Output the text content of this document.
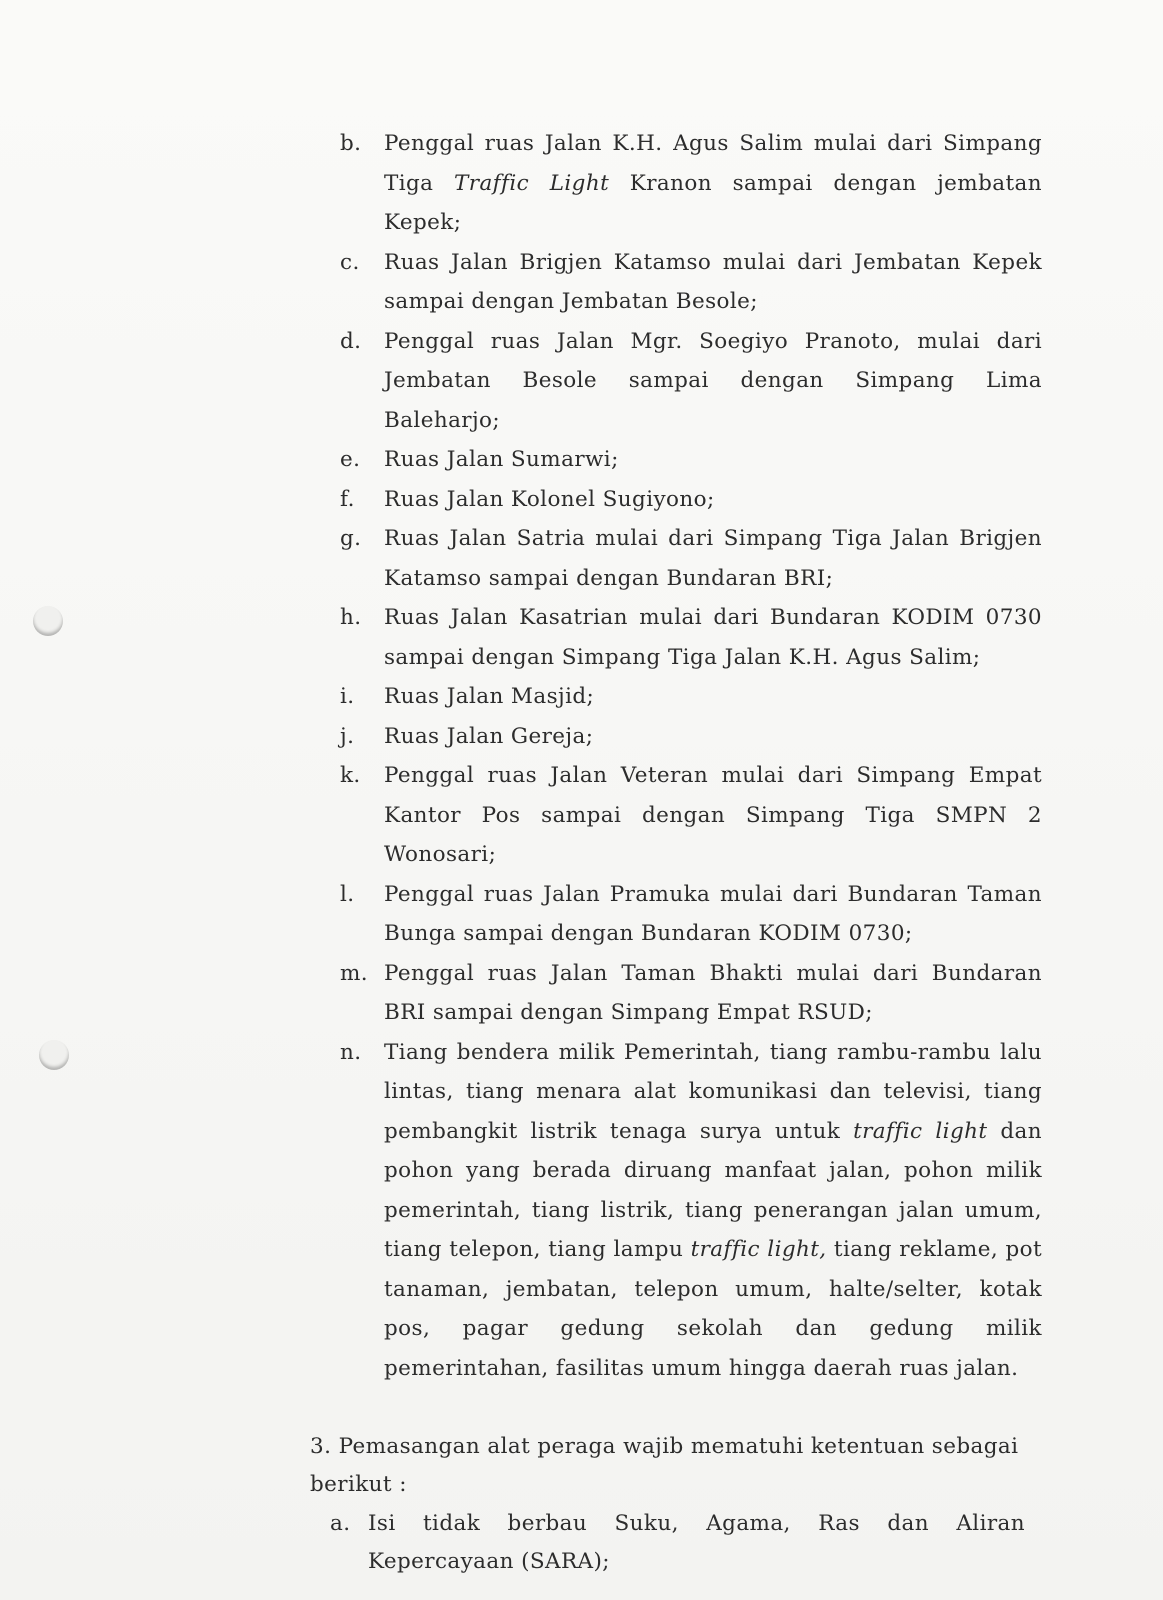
b.	Penggal ruas Jalan K.H. Agus Salim mulai dari Simpang Tiga Traffic Light Kranon sampai dengan jembatan Kepek;
c.	Ruas Jalan Brigjen Katamso mulai dari Jembatan Kepek sampai dengan Jembatan Besole;
d.	Penggal ruas Jalan Mgr. Soegiyo Pranoto, mulai dari Jembatan Besole sampai dengan Simpang Lima Baleharjo;
e.	Ruas Jalan Sumarwi;
f.	Ruas Jalan Kolonel Sugiyono;
g.	Ruas Jalan Satria mulai dari Simpang Tiga Jalan Brigjen Katamso sampai dengan Bundaran BRI;
h.	Ruas Jalan Kasatrian mulai dari Bundaran KODIM 0730 sampai dengan Simpang Tiga Jalan K.H. Agus Salim;
i.	Ruas Jalan Masjid;
j.	Ruas Jalan Gereja;
k.	Penggal ruas Jalan Veteran mulai dari Simpang Empat Kantor Pos sampai dengan Simpang Tiga SMPN 2 Wonosari;
l.	Penggal ruas Jalan Pramuka mulai dari Bundaran Taman Bunga sampai dengan Bundaran KODIM 0730;
m. Penggal ruas Jalan Taman Bhakti mulai dari Bundaran BRI sampai dengan Simpang Empat RSUD;
n.	Tiang bendera milik Pemerintah, tiang rambu-rambu lalu lintas, tiang menara alat komunikasi dan televisi, tiang pembangkit listrik tenaga surya untuk traffic light dan pohon yang berada diruang manfaat jalan, pohon milik pemerintah, tiang listrik, tiang penerangan jalan umum, tiang telepon, tiang lampu traffic light, tiang reklame, pot tanaman, jembatan, telepon umum, halte/selter, kotak pos, pagar gedung sekolah dan gedung milik pemerintahan, fasilitas umum hingga daerah ruas jalan.
3. Pemasangan alat peraga wajib mematuhi ketentuan sebagai berikut :
a. Isi tidak berbau Suku, Agama, Ras dan Aliran Kepercayaan (SARA);
